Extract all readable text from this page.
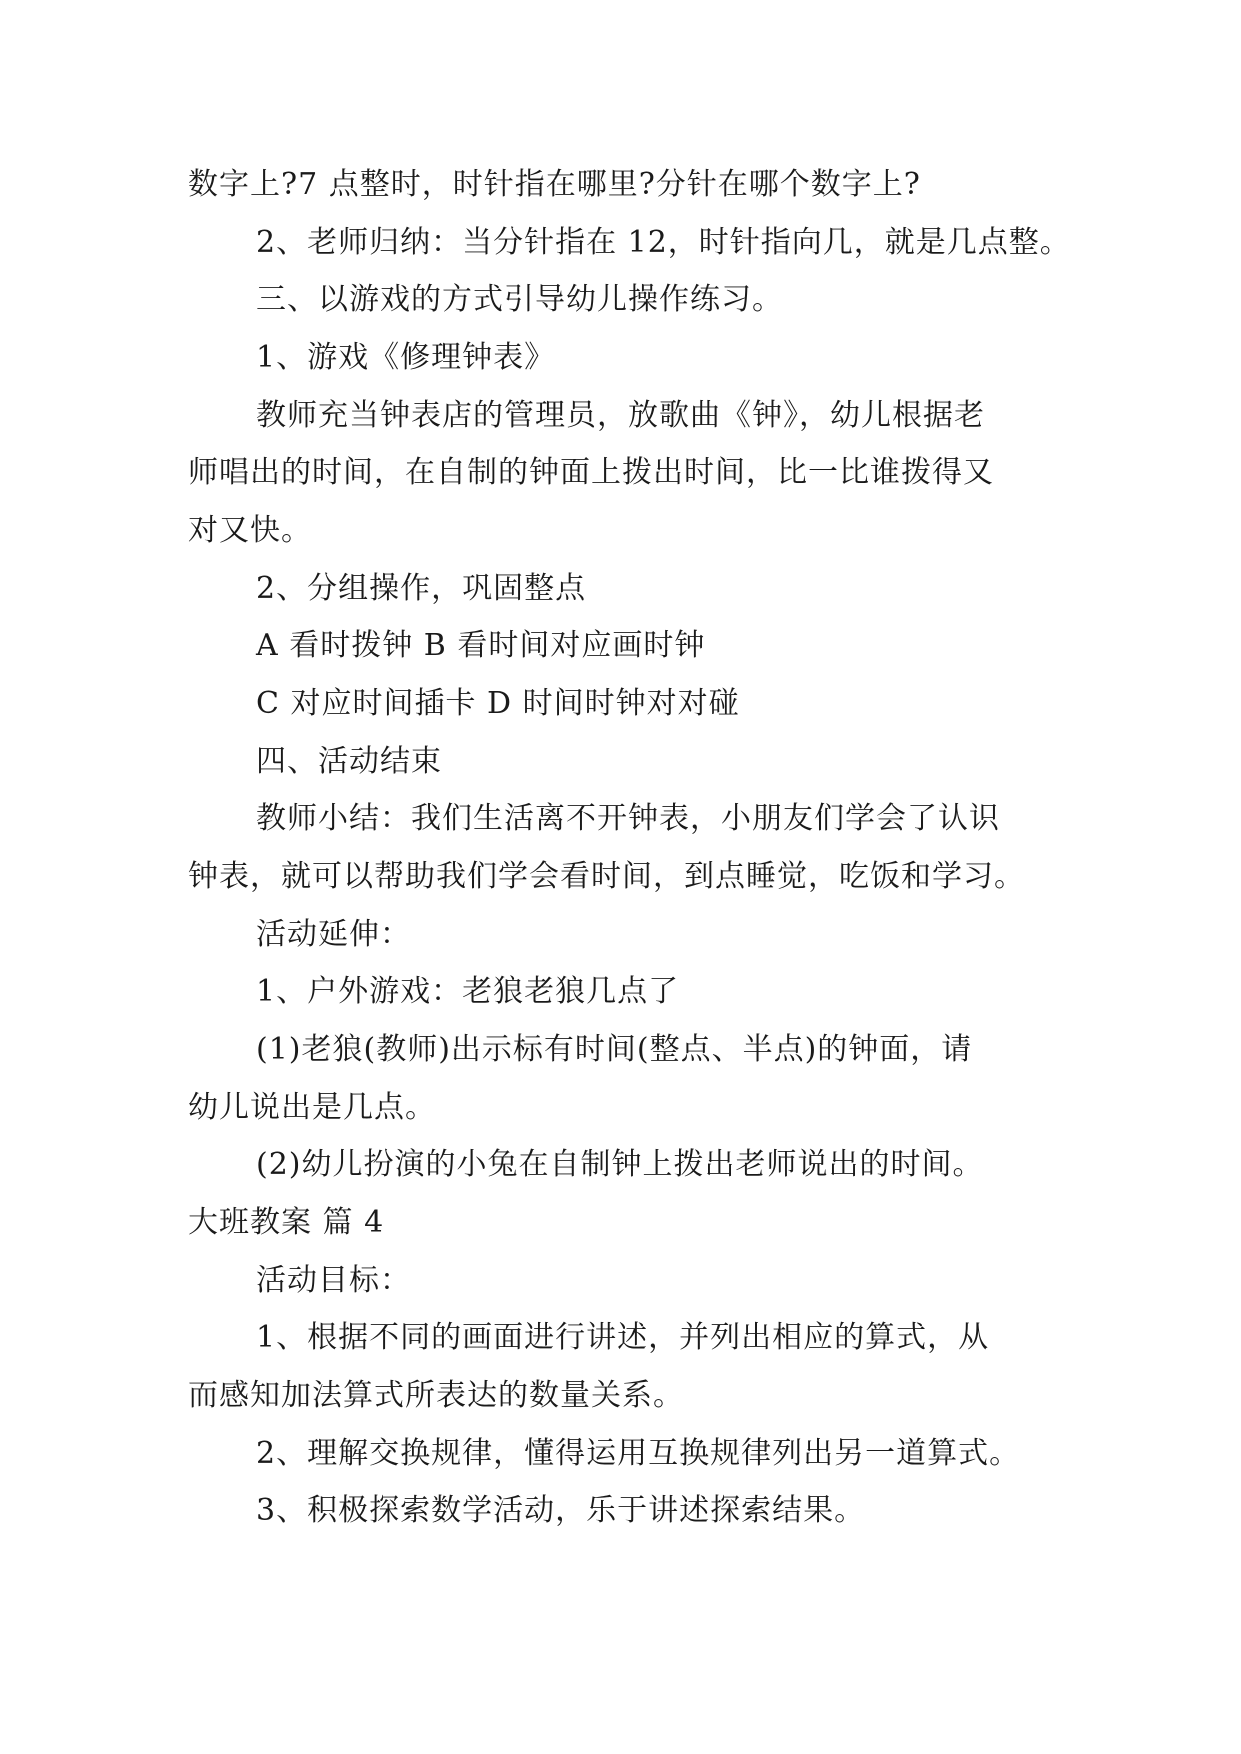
数字上?7 点整时，时针指在哪里?分针在哪个数字上?
2、老师归纳：当分针指在 12，时针指向几，就是几点整。
三、以游戏的方式引导幼儿操作练习。
1、游戏《修理钟表》
教师充当钟表店的管理员，放歌曲《钟》，幼儿根据老
师唱出的时间，在自制的钟面上拨出时间，比一比谁拨得又
对又快。
2、分组操作，巩固整点
A 看时拨钟 B 看时间对应画时钟
C 对应时间插卡 D 时间时钟对对碰
四、活动结束
教师小结：我们生活离不开钟表，小朋友们学会了认识
钟表，就可以帮助我们学会看时间，到点睡觉，吃饭和学习。
活动延伸：
1、户外游戏：老狼老狼几点了
(1)老狼(教师)出示标有时间(整点、半点)的钟面，请
幼儿说出是几点。
(2)幼儿扮演的小兔在自制钟上拨出老师说出的时间。
大班教案 篇 4
活动目标：
1、根据不同的画面进行讲述，并列出相应的算式，从
而感知加法算式所表达的数量关系。
2、理解交换规律，懂得运用互换规律列出另一道算式。
3、积极探索数学活动，乐于讲述探索结果。
